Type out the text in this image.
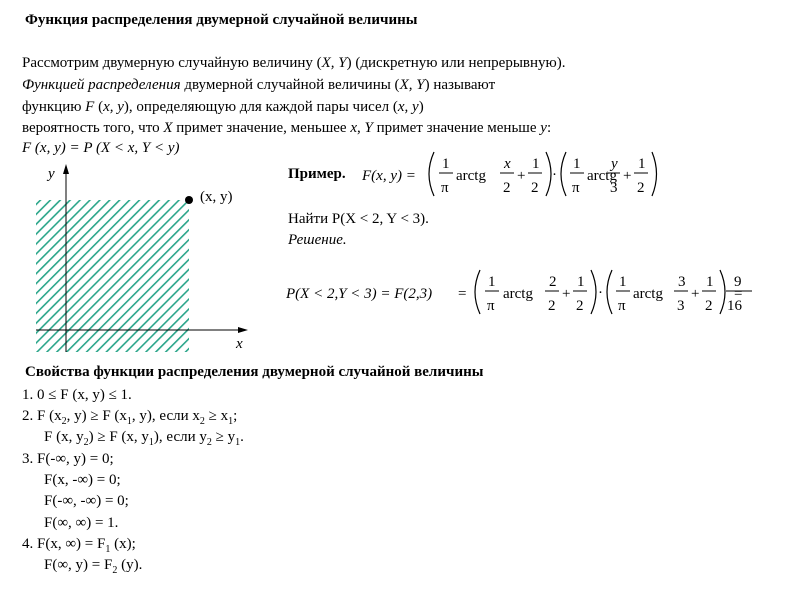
Функция распределения двумерной случайной величины
Рассмотрим двумерную случайную величину (X, Y) (дискретную или непрерывную).
Функцией распределения двумерной случайной величины (X, Y) называют
функцию F (x, y), определяющую для каждой пары чисел (x, y)
вероятность того, что X примет значение, меньшее x, Y примет значение меньше y:
F (x, y) = P (X < x, Y < y)
y
x
(x, y)
Пример. F(x, y) =
1
π
arctg
x
2
+
1
2
·
1
π
arctg
y
3
+
1
2
Найти P(X < 2, Y < 3).
Решение.
P(X < 2,Y < 3) = F(2,3) =
1
π
arctg
2
2
+
1
2
·
1
π
arctg
3
3
+
1
2
=
9
16
Свойства функции распределения двумерной случайной величины
1. 0 ≤ F (x, y) ≤ 1.
2. F ($x_2$, y) ≥ F ($x_1$, y), если $x_2 \ge x_1$;
F (x, $y_2) \ge F$ (x, $y_1$), если $y_2 \ge y_1$.
3. F(-∞, y) = 0;
F(x, -∞) = 0;
F(-∞, -∞) = 0;
F(∞, ∞) = 1.
4. F(x, ∞) = $F_1$ (x);
F(∞, $y) = F_2$ (y).
